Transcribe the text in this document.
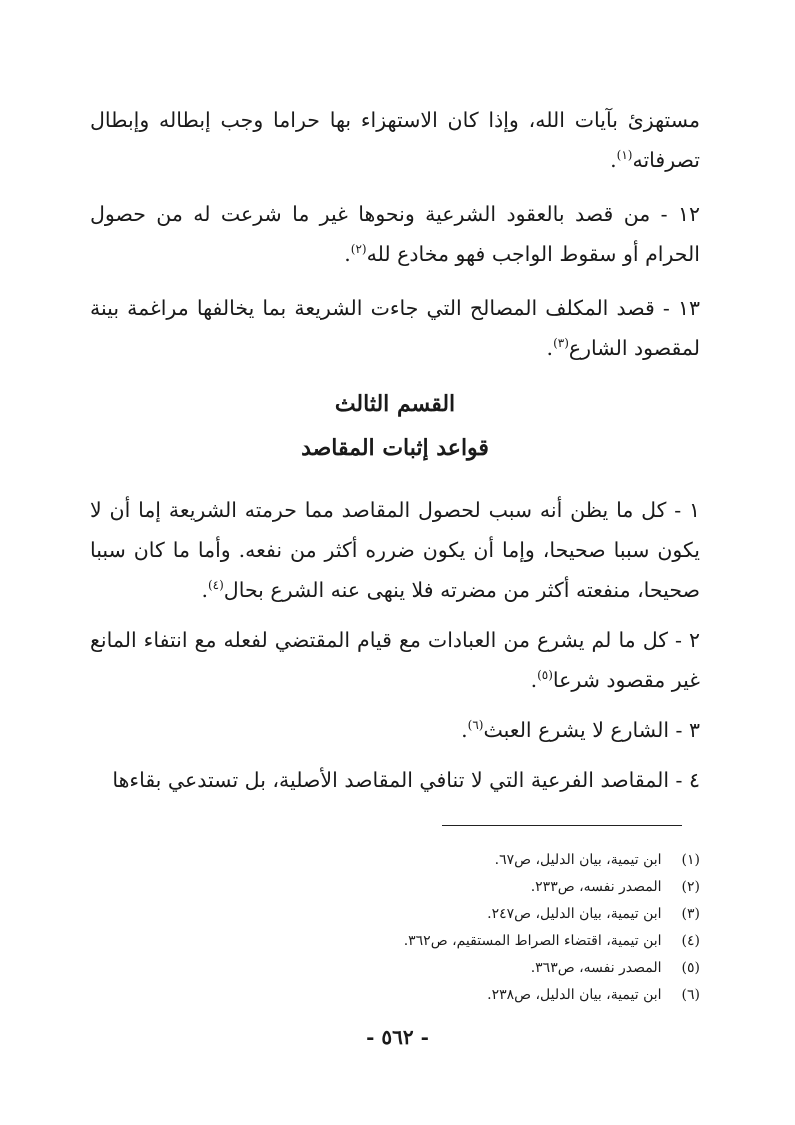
مستهزئ بآيات الله، وإذا كان الاستهزاء بها حراما وجب إبطاله وإبطال تصرفاته$^{(١)}$.

١٢ - من قصد بالعقود الشرعية ونحوها غير ما شرعت له من حصول الحرام أو سقوط الواجب فهو مخادع لله$^{(٢)}$.

١٣ - قصد المكلف المصالح التي جاءت الشريعة بما يخالفها مراغمة بينة لمقصود الشارع$^{(٣)}$.

القسم الثالث
قواعد إثبات المقاصد

١ - كل ما يظن أنه سبب لحصول المقاصد مما حرمته الشريعة إما أن لا يكون سببا صحيحا، وإما أن يكون ضرره أكثر من نفعه. وأما ما كان سببا صحيحا، منفعته أكثر من مضرته فلا ينهى عنه الشرع بحال$^{(٤)}$.

٢ - كل ما لم يشرع من العبادات مع قيام المقتضي لفعله مع انتفاء المانع غير مقصود شرعا$^{(٥)}$.

٣ - الشارع لا يشرع العبث$^{(٦)}$.

٤ - المقاصد الفرعية التي لا تنافي المقاصد الأصلية، بل تستدعي بقاءها

(١) ابن تيمية، بيان الدليل، ص٦٧.
(٢) المصدر نفسه، ص٢٣٣.
(٣) ابن تيمية، بيان الدليل، ص٢٤٧.
(٤) ابن تيمية، اقتضاء الصراط المستقيم، ص٣٦٢.
(٥) المصدر نفسه، ص٣٦٣.
(٦) ابن تيمية، بيان الدليل، ص٢٣٨.
- ٥٦٢ -
